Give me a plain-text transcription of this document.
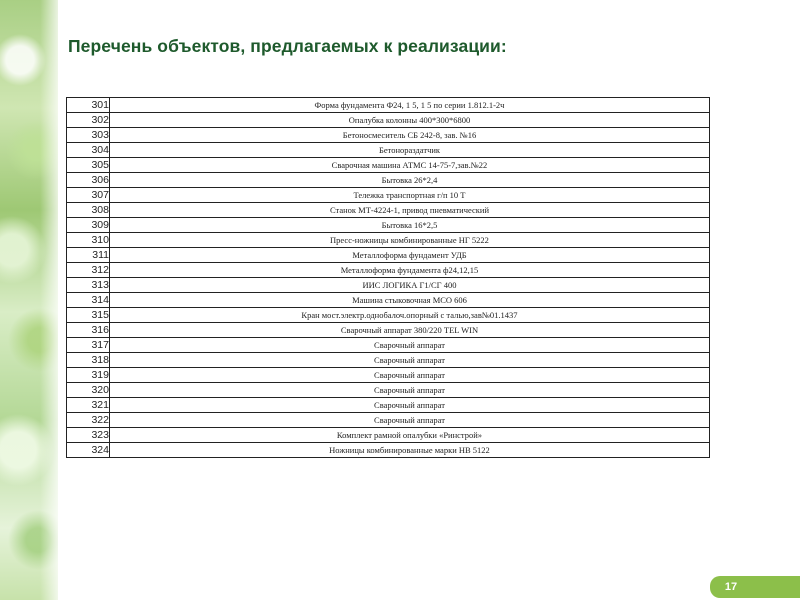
Перечень объектов, предлагаемых к реализации:
301	Форма фундамента Ф24, 1 5, 1 5 по серии 1.812.1-2ч
302	Опалубка колонны 400*300*6800
303	Бетоносмеситель СБ 242-8, зав. №16
304	Бетонораздатчик
305	Сварочная машина АТМС 14-75-7,зав.№22
306	Бытовка 26*2,4
307	Тележка транспортная г/п 10 Т
308	Станок МТ-4224-1, привод пневматический
309	Бытовка 16*2,5
310	Пресс-ножницы комбинированные НГ 5222
311	Металлоформа фундамент УДБ
312	Металлоформа фундамента ф24,12,15
313	ИИС ЛОГИКА Г1/СГ 400
314	Машина стыковочная МСО 606
315	Кран мост.электр.однобалоч.опорный с талью,зав№01.1437
316	Сварочный аппарат 380/220 TEL WIN
317	Сварочный аппарат
318	Сварочный аппарат
319	Сварочный аппарат
320	Сварочный аппарат
321	Сварочный аппарат
322	Сварочный аппарат
323	Комплект рамной опалубки «Ринстрой»
324	Ножницы комбинированные марки НВ 5122
17
